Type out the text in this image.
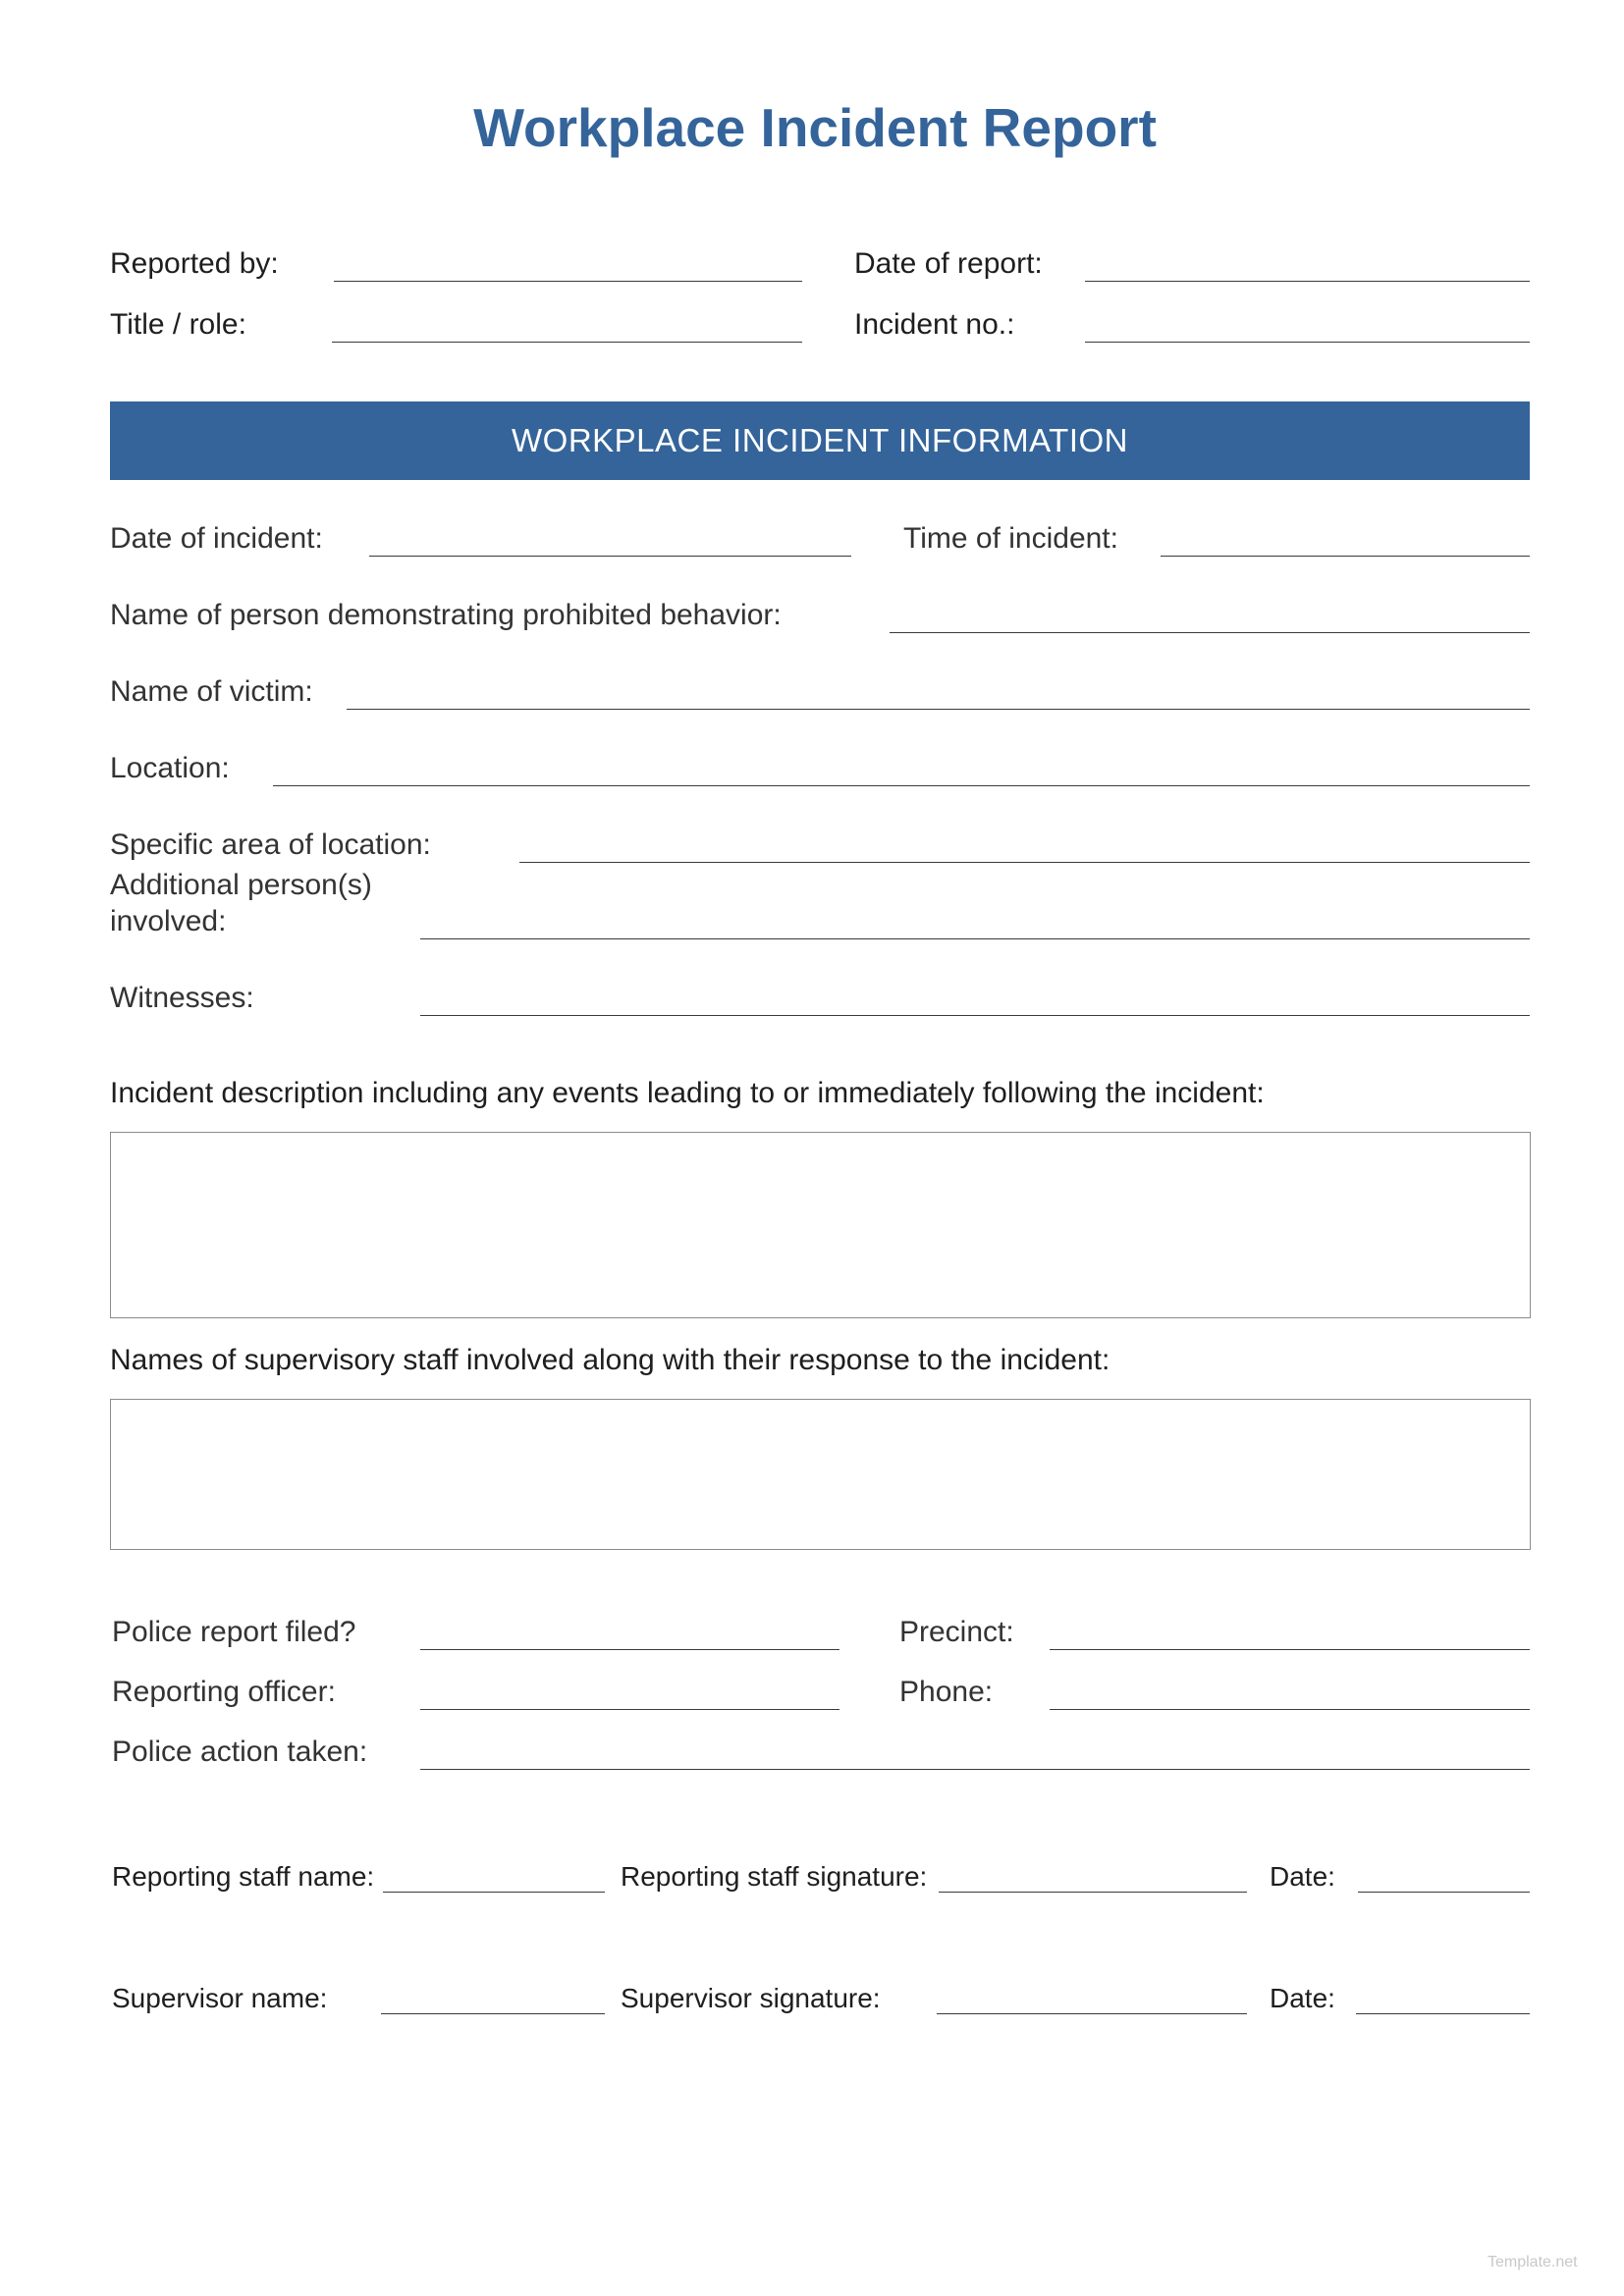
Workplace Incident Report
Reported by:	Date of report:
Title / role:	Incident no.:
WORKPLACE INCIDENT INFORMATION
Date of incident:	Time of incident:
Name of person demonstrating prohibited behavior:
Name of victim:
Location:
Specific area of location:
Additional person(s)
involved:
Witnesses:
Incident description including any events leading to or immediately following the incident:
Names of supervisory staff involved along with their response to the incident:
Police report filed?	Precinct:
Reporting officer:	Phone:
Police action taken:
Reporting staff name:	Reporting staff signature:	Date:
Supervisor name:	Supervisor signature:	Date:
Template.net
